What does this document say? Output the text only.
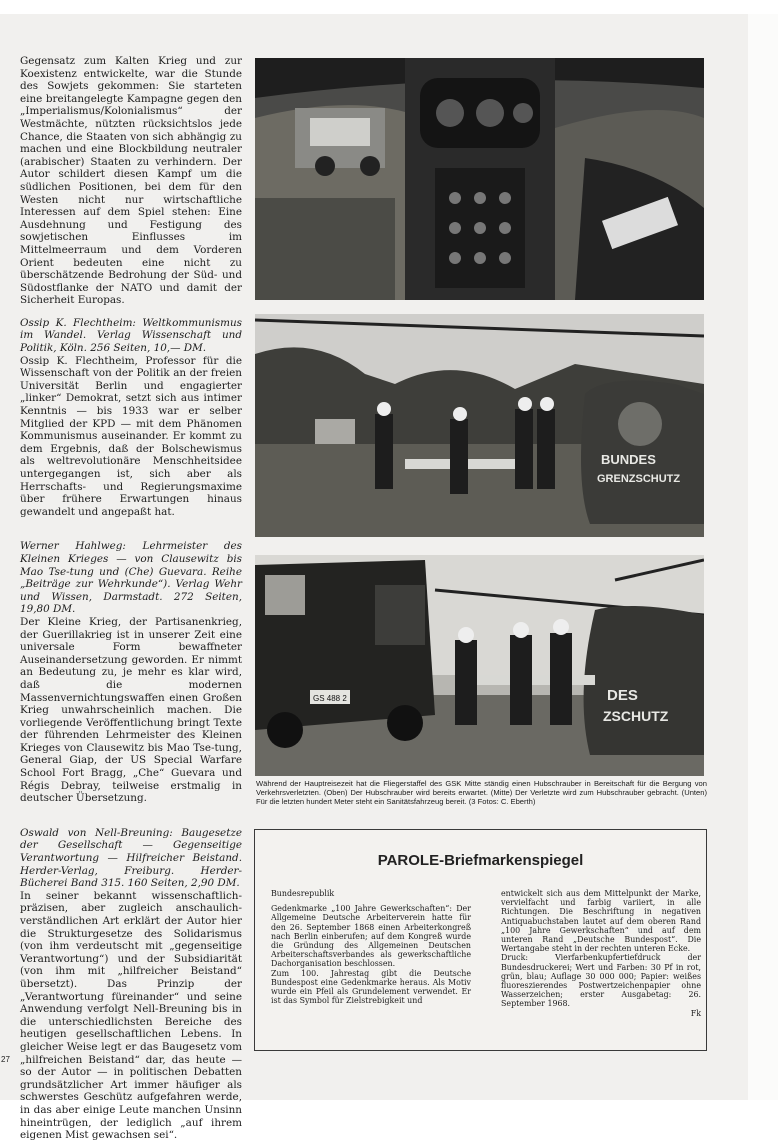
Gegensatz zum Kalten Krieg und zur Koexistenz entwickelte, war die Stunde des Sowjets gekommen: Sie starteten eine breitangelegte Kampagne gegen den „Imperialismus/Kolonialismus“ der Westmächte, nützten rücksichtslos jede Chance, die Staaten von sich abhängig zu machen und eine Blockbildung neutraler (arabischer) Staaten zu verhindern. Der Autor schildert diesen Kampf um die südlichen Positionen, bei dem für den Westen nicht nur wirtschaftliche Interessen auf dem Spiel stehen: Eine Ausdehnung und Festigung des sowjetischen Einflusses im Mittelmeerraum und dem Vorderen Orient bedeuten eine nicht zu überschätzende Bedrohung der Süd- und Südostflanke der NATO und damit der Sicherheit Europas.

Ossip K. Flechtheim: Weltkommunismus im Wandel. Verlag Wissenschaft und Politik, Köln. 256 Seiten, 10,— DM.

Ossip K. Flechtheim, Professor für die Wissenschaft von der Politik an der freien Universität Berlin und engagierter „linker“ Demokrat, setzt sich aus intimer Kenntnis — bis 1933 war er selber Mitglied der KPD — mit dem Phänomen Kommunismus auseinander. Er kommt zu dem Ergebnis, daß der Bolschewismus als weltrevolutionäre Menschheitsidee untergegangen ist, sich aber als Herrschafts- und Regierungsmaxime über frühere Erwartungen hinaus gewandelt und angepaßt hat.

Werner Hahlweg: Lehrmeister des Kleinen Krieges — von Clausewitz bis Mao Tse-tung und (Che) Guevara. Reihe „Beiträge zur Wehrkunde“). Verlag Wehr und Wissen, Darmstadt. 272 Seiten, 19,80 DM.

Der Kleine Krieg, der Partisanenkrieg, der Guerillakrieg ist in unserer Zeit eine universale Form bewaffneter Auseinandersetzung geworden. Er nimmt an Bedeutung zu, je mehr es klar wird, daß die modernen Massenvernichtungswaffen einen Großen Krieg unwahrscheinlich machen. Die vorliegende Veröffentlichung bringt Texte der führenden Lehrmeister des Kleinen Krieges von Clausewitz bis Mao Tse-tung, General Giap, der US Special Warfare School Fort Bragg, „Che“ Guevara und Régis Debray, teilweise erstmalig in deutscher Übersetzung.

Oswald von Nell-Breuning: Baugesetze der Gesellschaft — Gegenseitige Verantwortung — Hilfreicher Beistand. Herder-Verlag, Freiburg. Herder-Bücherei Band 315. 160 Seiten, 2,90 DM.

In seiner bekannt wissenschaftlich-präzisen, aber zugleich anschaulich-verständlichen Art erklärt der Autor hier die Strukturgesetze des Solidarismus (von ihm verdeutscht mit „gegenseitige Verantwortung“) und der Subsidiarität (von ihm mit „hilfreicher Beistand“ übersetzt). Das Prinzip der „Verantwortung füreinander“ und seine Anwendung verfolgt Nell-Breuning bis in die unterschiedlichsten Bereiche des heutigen gesellschaftlichen Lebens. In gleicher Weise legt er das Baugesetz vom „hilfreichen Beistand“ dar, das heute — so der Autor — in politischen Debatten grundsätzlicher Art immer häufiger als schwerstes Geschütz aufgefahren werde, in das aber einige Leute manchen Unsinn hineintrügen, der lediglich „auf ihrem eigenen Mist gewachsen sei“.

BUNDES
GRENZSCHUTZ
GS 488 2	DES
ZSCHUTZ
Während der Hauptreisezeit hat die Fliegerstaffel des GSK Mitte ständig einen Hubschrauber in Bereitschaft für die Bergung von Verkehrsverletzten. (Oben) Der Hubschrauber wird bereits erwartet. (Mitte) Der Verletzte wird zum Hubschrauber gebracht. (Unten) Für die letzten hundert Meter steht ein Sanitätsfahrzeug bereit. (3 Fotos: C. Eberth)
PAROLE-Briefmarkenspiegel

Bundesrepublik

Gedenkmarke „100 Jahre Gewerkschaften“: Der Allgemeine Deutsche Arbeiterverein hatte für den 26. September 1868 einen Arbeiterkongreß nach Berlin einberufen; auf dem Kongreß wurde die Gründung des Allgemeinen Deutschen Arbeiterschaftsverbandes als gewerkschaftliche Dachorganisation beschlossen.

Zum 100. Jahrestag gibt die Deutsche Bundespost eine Gedenkmarke heraus. Als Motiv wurde ein Pfeil als Grundelement verwendet. Er ist das Symbol für Zielstrebigkeit und

entwickelt sich aus dem Mittelpunkt der Marke, vervielfacht und farbig variiert, in alle Richtungen. Die Beschriftung in negativen Antiquabuchstaben lautet auf dem oberen Rand „100 Jahre Gewerkschaften“ und auf dem unteren Rand „Deutsche Bundespost“. Die Wertangabe steht in der rechten unteren Ecke.

Druck: Vierfarbenkupfertiefdruck der Bundesdruckerei; Wert und Farben: 30 Pf in rot, grün, blau; Auflage 30 000 000; Papier: weißes fluoreszierendes Postwertzeichenpapier ohne Wasserzeichen; erster Ausgabetag: 26. September 1968.

Fk

27
